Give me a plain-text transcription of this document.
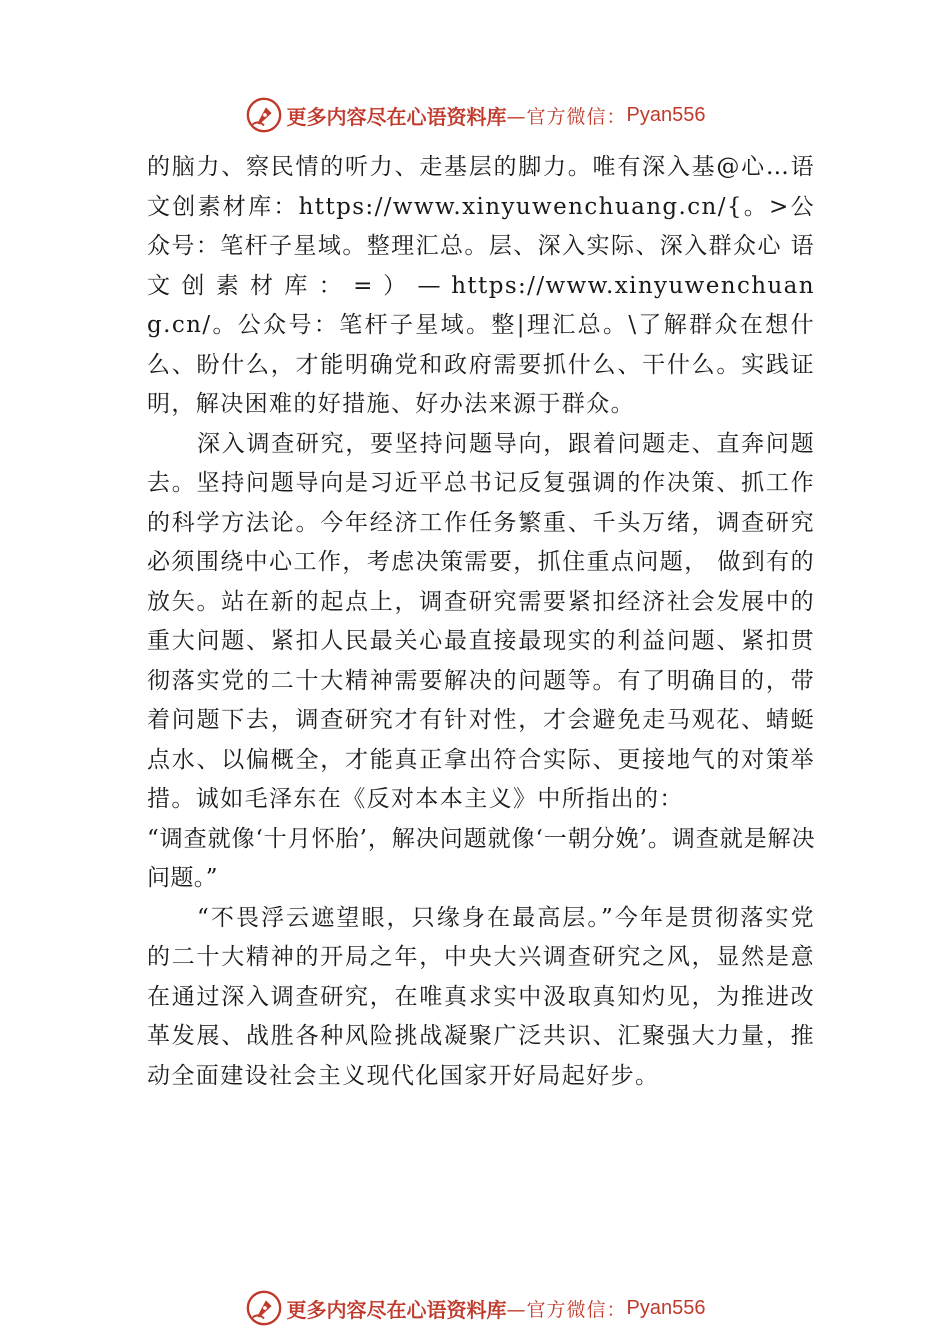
更多内容尽在心语资料库 —官方微信： Pyan556

的脑力、察民情的听力、走基层的脚力。唯有深入基@心…语文创素材库：https://www.xinyuwenchuang.cn/{。>公众号：笔杆子星域。整理汇总。层、深入实际、深入群众心 语 文 创 素 材 库 ： = ） — https://www.xinyuwenchuang.cn/。公众号：笔杆子星域。整|理汇总。\了解群众在想什么、盼什么，才能明确党和政府需要抓什么、干什么。实践证明，解决困难的好措施、好办法来源于群众。

深入调查研究，要坚持问题导向，跟着问题走、直奔问题去。坚持问题导向是习近平总书记反复强调的作决策、抓工作的科学方法论。今年经济工作任务繁重、千头万绪，调查研究必须围绕中心工作，考虑决策需要，抓住重点问题， 做到有的放矢。站在新的起点上，调查研究需要紧扣经济社会发展中的重大问题、紧扣人民最关心最直接最现实的利益问题、紧扣贯彻落实党的二十大精神需要解决的问题等。有了明确目的，带着问题下去，调查研究才有针对性，才会避免走马观花、蜻蜓点水、以偏概全，才能真正拿出符合实际、更接地气的对策举措。诚如毛泽东在《反对本本主义》中所指出的：

“调查就像‘十月怀胎’，解决问题就像‘一朝分娩’。调查就是解决问题。”

“不畏浮云遮望眼，只缘身在最高层。”今年是贯彻落实党的二十大精神的开局之年，中央大兴调查研究之风，显然是意在通过深入调查研究，在唯真求实中汲取真知灼见，为推进改革发展、战胜各种风险挑战凝聚广泛共识、汇聚强大力量，推动全面建设社会主义现代化国家开好局起好步。

更多内容尽在心语资料库 —官方微信： Pyan556
